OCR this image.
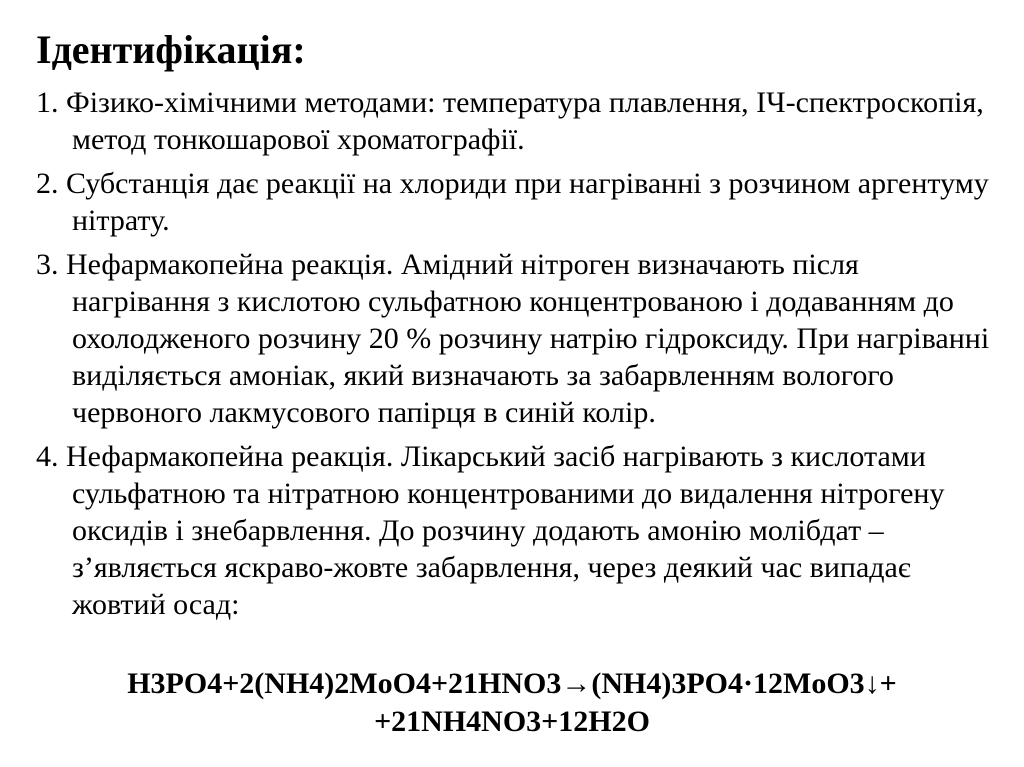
Ідентифікація:
1. Фізико-хімічними методами: температура плавлення, ІЧ-спектроскопія, метод тонкошарової хроматографії.
2. Субстанція дає реакції на хлориди при нагріванні з розчином аргентуму нітрату.
3. Нефармакопейна реакція. Амідний нітроген визначають після нагрівання з кислотою сульфатною концентрованою і додаванням до охолодженого розчину 20 % розчину натрію гідроксиду. При нагріванні виділяється амоніак, який визначають за забарвленням вологого червоного лакмусового папірця в синій колір.
4. Нефармакопейна реакція. Лікарський засіб нагрівають з кислотами сульфатною та нітратною концентрованими до видалення нітрогену оксидів і знебарвлення. До розчину додають амонію молібдат – з’являється яскраво-жовте забарвлення, через деякий час випадає жовтий осад:
H3PO4+2(NH4)2MoO4+21HNO3→(NH4)3PO4·12MoO3↓+
+21NH4NO3+12H2O
